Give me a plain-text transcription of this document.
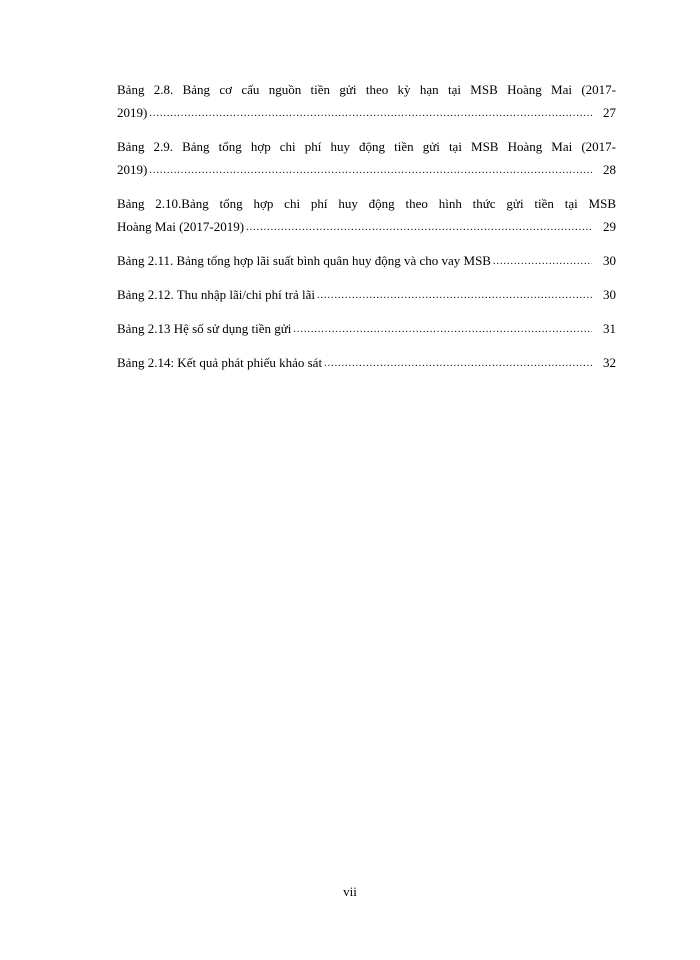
Bảng 2.8. Bảng cơ cấu nguồn tiền gửi theo kỳ hạn tại MSB Hoàng Mai (2017-
2019) .....	27
Bảng 2.9. Bảng tổng hợp chi phí huy động tiền gửi tại MSB Hoàng Mai (2017-
2019) .....	28
Bảng 2.10.Bảng tổng hợp chi phí huy động theo hình thức gửi tiền tại MSB
Hoàng Mai (2017-2019) .....	29
Bảng 2.11. Bảng tổng hợp lãi suất bình quân huy động và cho vay MSB .....	30
Bảng 2.12. Thu nhập lãi/chi phí trả lãi .....	30
Bảng 2.13 Hệ số sử dụng tiền gửi .....	31
Bảng 2.14: Kết quả phát phiếu khảo sát .....	32
vii
